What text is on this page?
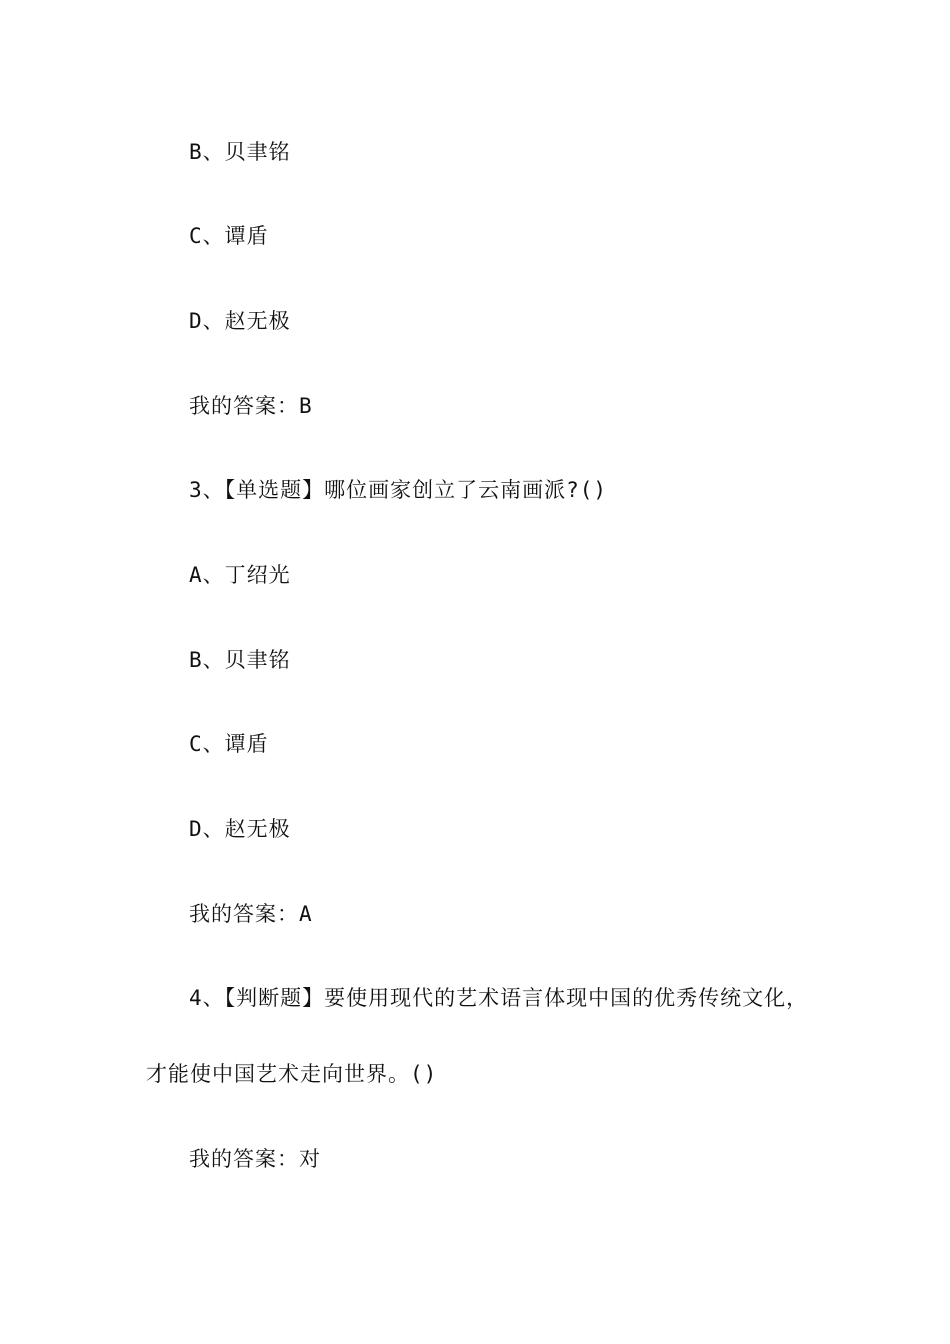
B、贝聿铭
C、谭盾
D、赵无极
我的答案：B
3、【单选题】哪位画家创立了云南画派?()
A、丁绍光
B、贝聿铭
C、谭盾
D、赵无极
我的答案：A
4、【判断题】要使用现代的艺术语言体现中国的优秀传统文化，
才能使中国艺术走向世界。()
我的答案：对
